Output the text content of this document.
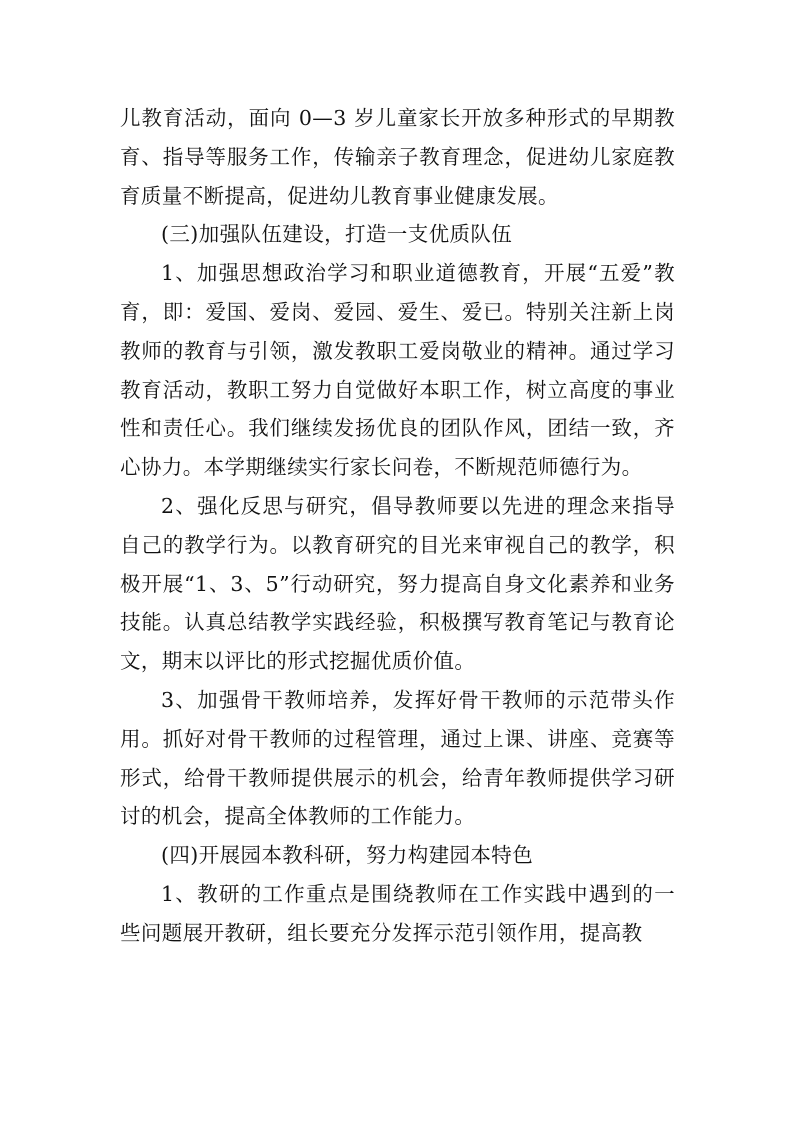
儿教育活动，面向 0—3 岁儿童家长开放多种形式的早期教育、指导等服务工作，传输亲子教育理念，促进幼儿家庭教育质量不断提高，促进幼儿教育事业健康发展。

(三)加强队伍建设，打造一支优质队伍

1、加强思想政治学习和职业道德教育，开展“五爱”教育，即：爱国、爱岗、爱园、爱生、爱已。特别关注新上岗教师的教育与引领，激发教职工爱岗敬业的精神。通过学习教育活动，教职工努力自觉做好本职工作，树立高度的事业性和责任心。我们继续发扬优良的团队作风，团结一致，齐心协力。本学期继续实行家长问卷，不断规范师德行为。

2、强化反思与研究，倡导教师要以先进的理念来指导自己的教学行为。以教育研究的目光来审视自己的教学，积极开展“1、3、5”行动研究，努力提高自身文化素养和业务技能。认真总结教学实践经验，积极撰写教育笔记与教育论文，期末以评比的形式挖掘优质价值。

3、加强骨干教师培养，发挥好骨干教师的示范带头作用。抓好对骨干教师的过程管理，通过上课、讲座、竞赛等形式，给骨干教师提供展示的机会，给青年教师提供学习研讨的机会，提高全体教师的工作能力。

(四)开展园本教科研，努力构建园本特色

1、教研的工作重点是围绕教师在工作实践中遇到的一些问题展开教研，组长要充分发挥示范引领作用，提高教
